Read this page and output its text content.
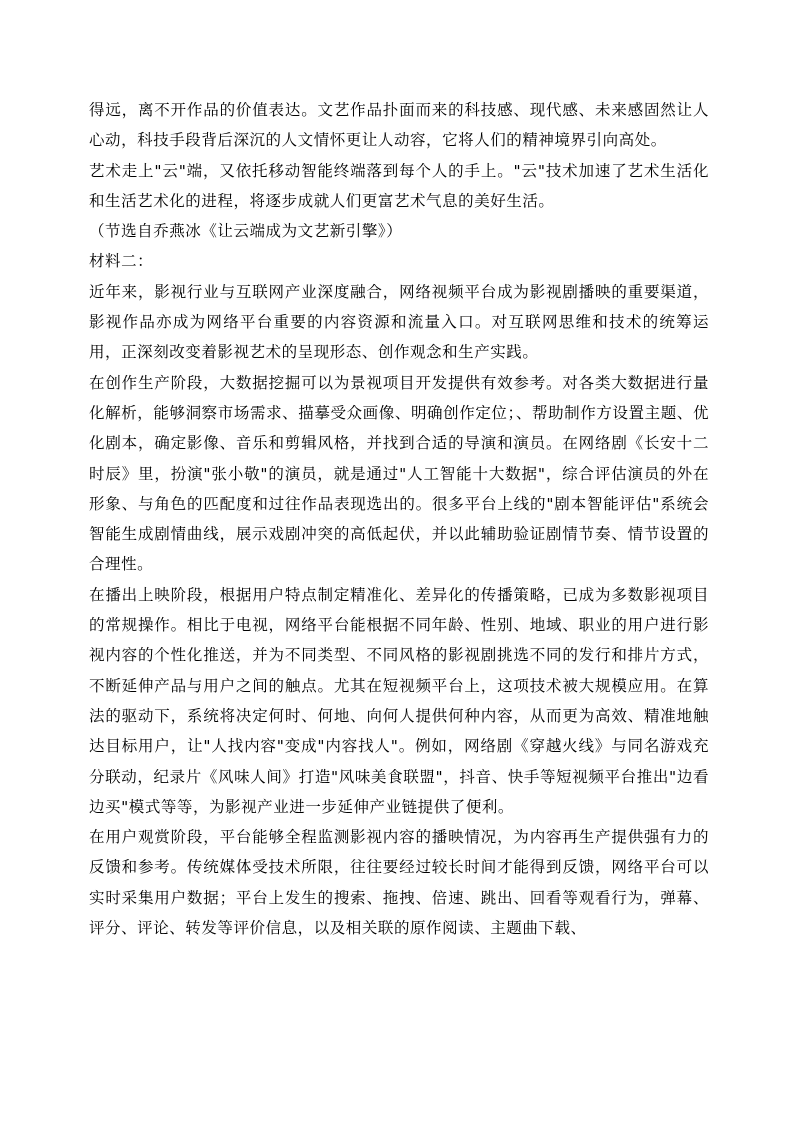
得远，离不开作品的价值表达。文艺作品扑面而来的科技感、现代感、未来感固然让人心动，科技手段背后深沉的人文情怀更让人动容，它将人们的精神境界引向高处。

艺术走上"云"端，又依托移动智能终端落到每个人的手上。"云"技术加速了艺术生活化和生活艺术化的进程，将逐步成就人们更富艺术气息的美好生活。

（节选自乔燕冰《让云端成为文艺新引擎》）

材料二：

近年来，影视行业与互联网产业深度融合，网络视频平台成为影视剧播映的重要渠道，影视作品亦成为网络平台重要的内容资源和流量入口。对互联网思维和技术的统筹运用，正深刻改变着影视艺术的呈现形态、创作观念和生产实践。

在创作生产阶段，大数据挖掘可以为景视项目开发提供有效参考。对各类大数据进行量化解析，能够洞察市场需求、描摹受众画像、明确创作定位；、帮助制作方设置主题、优化剧本，确定影像、音乐和剪辑风格，并找到合适的导演和演员。在网络剧《长安十二时辰》里，扮演"张小敬"的演员，就是通过"人工智能十大数据"，综合评估演员的外在形象、与角色的匹配度和过往作品表现选出的。很多平台上线的"剧本智能评估"系统会智能生成剧情曲线，展示戏剧冲突的高低起伏，并以此辅助验证剧情节奏、情节设置的合理性。

在播出上映阶段，根据用户特点制定精准化、差异化的传播策略，已成为多数影视项目的常规操作。相比于电视，网络平台能根据不同年龄、性别、地域、职业的用户进行影视内容的个性化推送，并为不同类型、不同风格的影视剧挑选不同的发行和排片方式，不断延伸产品与用户之间的触点。尤其在短视频平台上，这项技术被大规模应用。在算法的驱动下，系统将决定何时、何地、向何人提供何种内容，从而更为高效、精准地触达目标用户，让"人找内容"变成"内容找人"。例如，网络剧《穿越火线》与同名游戏充分联动，纪录片《风味人间》打造"风味美食联盟"，抖音、快手等短视频平台推出"边看边买"模式等等，为影视产业进一步延伸产业链提供了便利。

在用户观赏阶段，平台能够全程监测影视内容的播映情况，为内容再生产提供强有力的反馈和参考。传统媒体受技术所限，往往要经过较长时间才能得到反馈，网络平台可以实时采集用户数据；平台上发生的搜索、拖拽、倍速、跳出、回看等观看行为，弹幕、评分、评论、转发等评价信息，以及相关联的原作阅读、主题曲下载、
